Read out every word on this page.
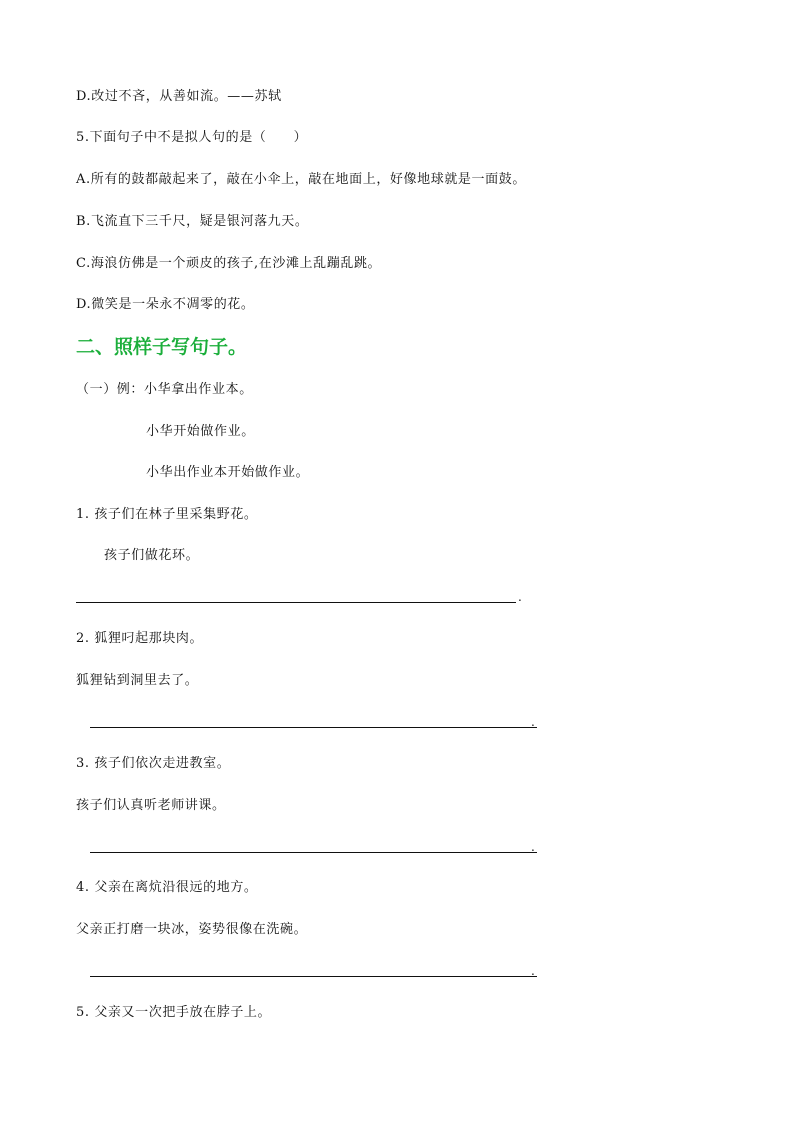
D.改过不吝，从善如流。——苏轼
5.下面句子中不是拟人句的是（　　）
A.所有的鼓都敲起来了，敲在小伞上，敲在地面上，好像地球就是一面鼓。
B.飞流直下三千尺，疑是银河落九天。
C.海浪仿佛是一个顽皮的孩子,在沙滩上乱蹦乱跳。
D.微笑是一朵永不凋零的花。
二、照样子写句子。
（一）例：小华拿出作业本。
小华开始做作业。
小华出作业本开始做作业。
1. 孩子们在林子里采集野花。
孩子们做花环。
.
2. 狐狸叼起那块肉。
狐狸钻到洞里去了。
.
3. 孩子们依次走进教室。
孩子们认真听老师讲课。
.
4. 父亲在离炕沿很远的地方。
父亲正打磨一块冰，姿势很像在洗碗。
.
5. 父亲又一次把手放在脖子上。
